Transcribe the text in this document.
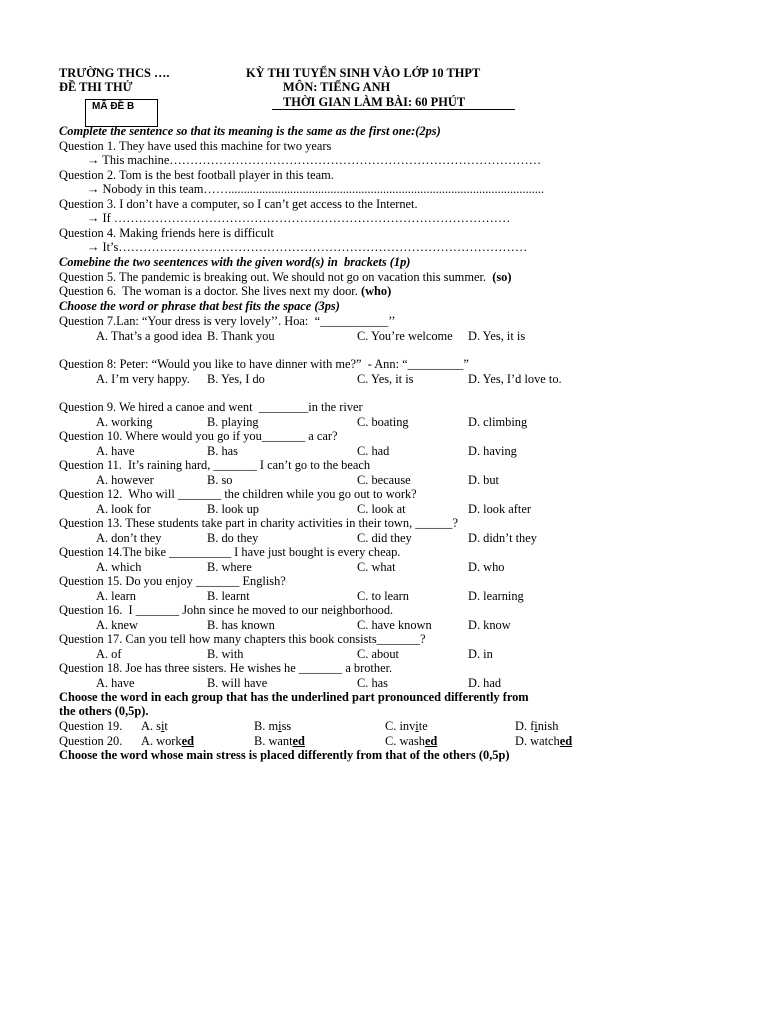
TRƯỜNG THCS ….	KỲ THI TUYỂN SINH VÀO LỚP 10 THPT
ĐỀ THI THỬ	MÔN: TIẾNG ANH
MÃ ĐỀ B	THỜI GIAN LÀM BÀI: 60 PHÚT
Complete the sentence so that its meaning is the same as the first one:(2ps)
Question 1. They have used this machine for two years
→ This machine………………………………………………………………………………
Question 2. Tom is the best football player in this team.
→ Nobody in this team……......................................................................................................
Question 3. I don’t have a computer, so I can’t get access to the Internet.
→ If ……………………………………………………………………………………
Question 4. Making friends here is difficult
→ It’s………………………………………………………………………………………
Comebine the two seentences with the given word(s) in  brackets (1p)
Question 5. The pandemic is breaking out. We should not go on vacation this summer. (so)
Question 6.  The woman is a doctor. She lives next my door. (who)
Choose the word or phrase that best fits the space (3ps)
Question 7.Lan: “Your dress is very lovely’’. Hoa:  “___________’’
A. That’s a good idea B. Thank you	C. You’re welcome D. Yes, it is
Question 8: Peter: “Would you like to have dinner with me?”  - Ann: “_________”
A. I’m very happy. B. Yes, I do	C. Yes, it is	D. Yes, I’d love to.
Question 9. We hired a canoe and went  ________in the river
A. working	B. playing	C. boating	D. climbing
Question 10. Where would you go if you_______ a car?
A. have	B. has	C. had	D. having
Question 11.  It’s raining hard, _______ I can’t go to the beach
A. however	B. so	C. because	D. but
Question 12.  Who will _______ the children while you go out to work?
A. look for	B. look up	C. look at	D. look after
Question 13. These students take part in charity activities in their town, ______?
A. don’t they	B. do they	C. did they	D. didn’t they
Question 14.The bike __________ I have just bought is every cheap.
A. which	B. where	C. what	D. who
Question 15. Do you enjoy _______ English?
A. learn	B. learnt	C. to learn	D. learning
Question 16.  I _______ John since he moved to our neighborhood.
A. knew	B. has known	C. have known	D. know
Question 17. Can you tell how many chapters this book consists_______?
A. of	B. with	C. about	D. in
Question 18. Joe has three sisters. He wishes he _______ a brother.
A. have	B. will have	C. has	D. had
Choose the word in each group that has the underlined part pronounced differently from
the others (0,5p).
Question 19. A. sit	B. miss	C. invite	D. finish
Question 20. A. worked	B. wanted	C. washed	D. watched
Choose the word whose main stress is placed differently from that of the others (0,5p)
